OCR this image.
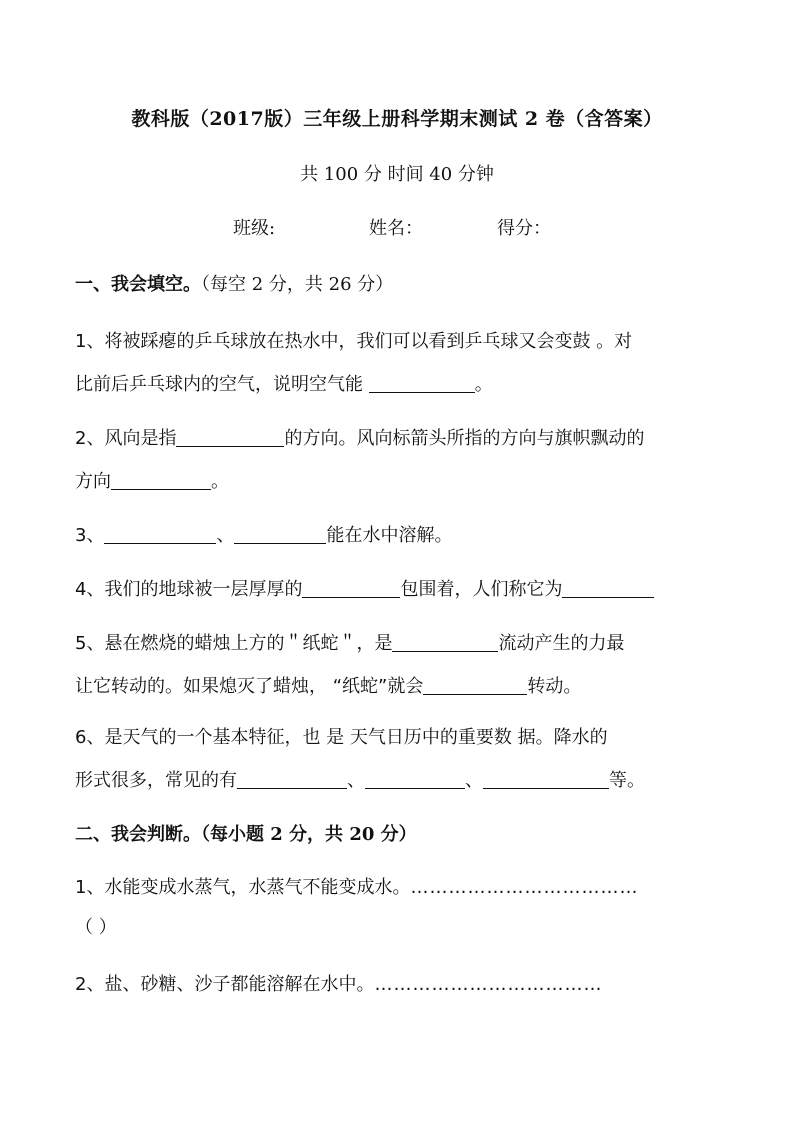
教科版（2017版）三年级上册科学期末测试 2 卷（含答案）
共 100 分 时间 40 分钟
班级:	姓名：	得分：
一、我会填空。（每空 2 分，共 26 分）
1、将被踩瘪的乒乓球放在热水中，我们可以看到乒乓球又会变鼓 。对
比前后乒乓球内的空气，说明空气能	。
2、风向是指	的方向。风向标箭头所指的方向与旗帜飘动的
方向	。
3、	、	能在水中溶解。
4、我们的地球被一层厚厚的	包围着，人们称它为
5、悬在燃烧的蜡烛上方的＂纸蛇＂，是	流动产生的力最
让它转动的。如果熄灭了蜡烛， “纸蛇”就会	转动。
6、是天气的一个基本特征，也 是 天气日历中的重要数 据。降水的
形式很多，常见的有	、	、	等。
二、我会判断。（每小题 2 分，共 20 分）
1、水能变成水蒸气，水蒸气不能变成水。………………………………
（ ）
2、盐、砂糖、沙子都能溶解在水中。………………………………
